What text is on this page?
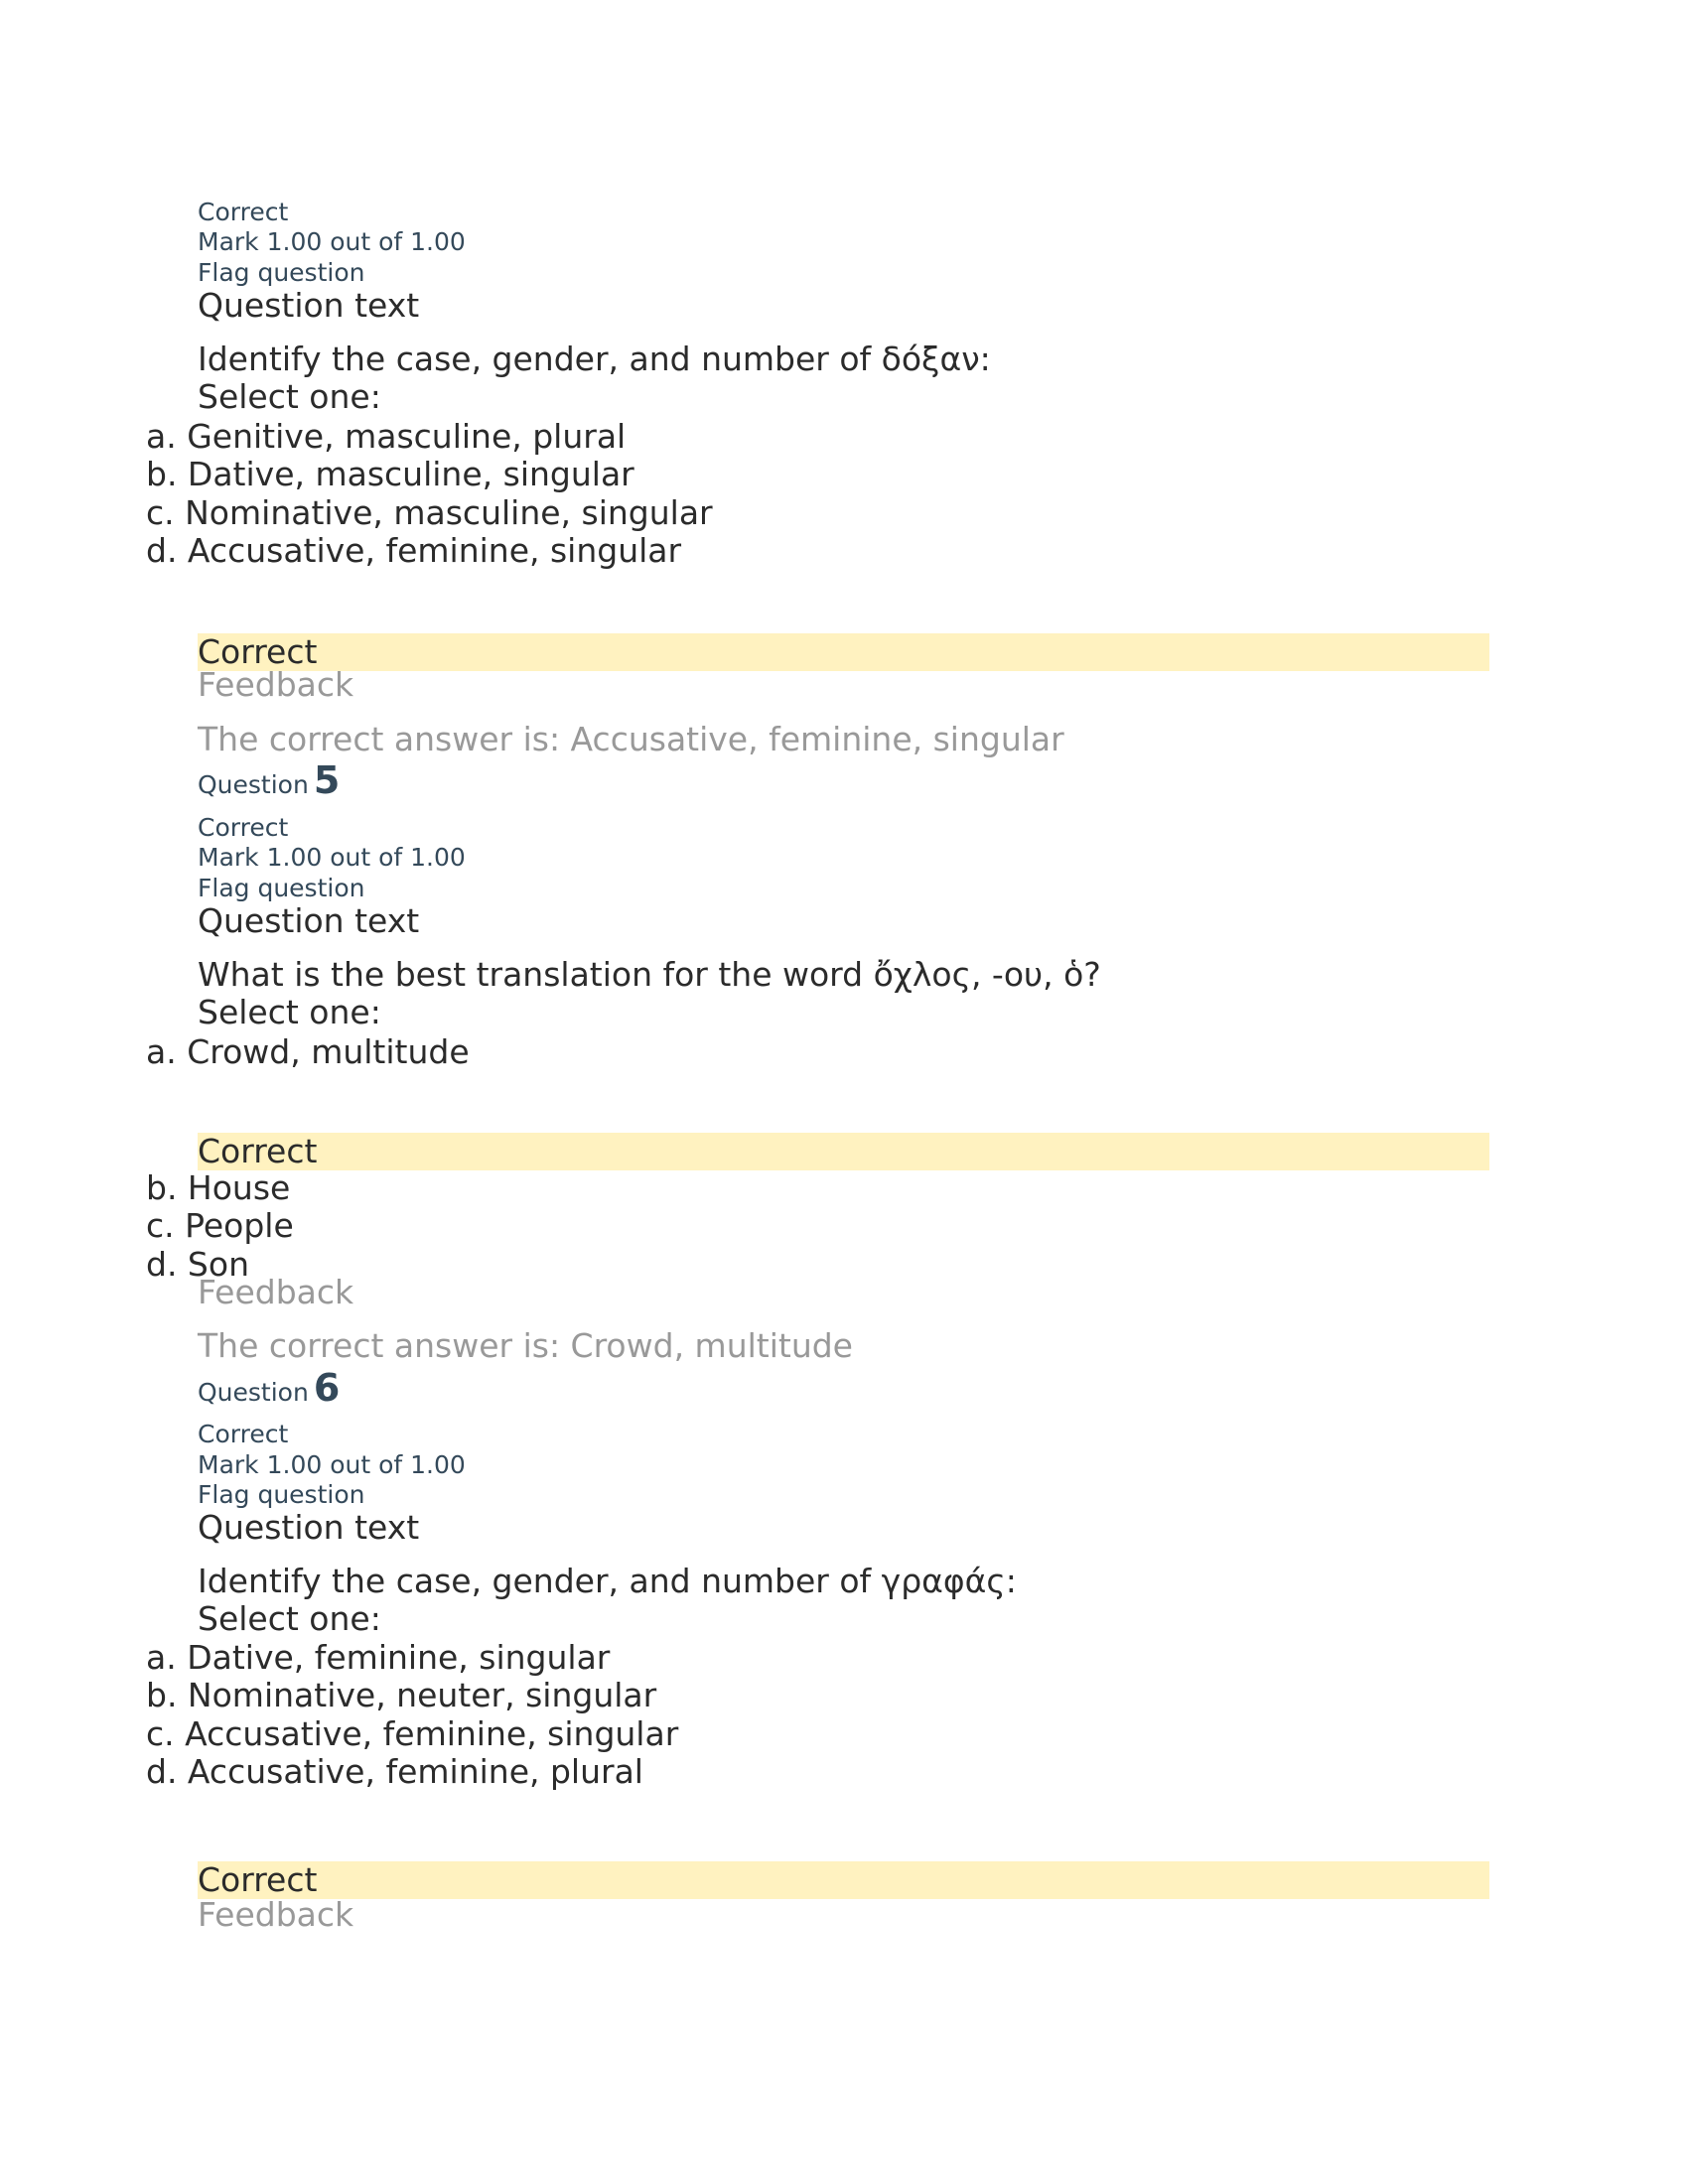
Correct
Mark 1.00 out of 1.00
Flag question
Question text
Identify the case, gender, and number of δόξαν:
Select one:
a. Genitive, masculine, plural
b. Dative, masculine, singular
c. Nominative, masculine, singular
d. Accusative, feminine, singular
Correct
Feedback
The correct answer is: Accusative, feminine, singular
Question 5
Correct
Mark 1.00 out of 1.00
Flag question
Question text
What is the best translation for the word ὄχλος, -ου, ὁ?
Select one:
a. Crowd, multitude
Correct
b. House
c. People
d. Son
Feedback
The correct answer is: Crowd, multitude
Question 6
Correct
Mark 1.00 out of 1.00
Flag question
Question text
Identify the case, gender, and number of γραφάς:
Select one:
a. Dative, feminine, singular
b. Nominative, neuter, singular
c. Accusative, feminine, singular
d. Accusative, feminine, plural
Correct
Feedback
